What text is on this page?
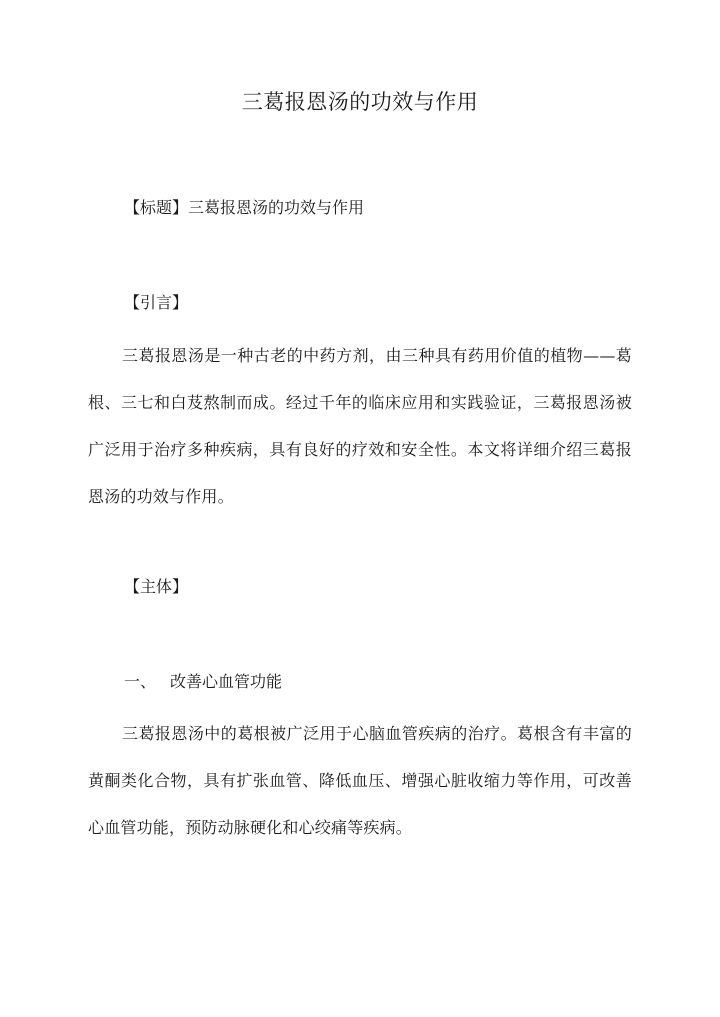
三葛报恩汤的功效与作用
【标题】三葛报恩汤的功效与作用
【引言】

三葛报恩汤是一种古老的中药方剂，由三种具有药用价值的植物——葛根、三七和白芨熬制而成。经过千年的临床应用和实践验证，三葛报恩汤被广泛用于治疗多种疾病，具有良好的疗效和安全性。本文将详细介绍三葛报恩汤的功效与作用。

【主体】
一、 改善心血管功能

三葛报恩汤中的葛根被广泛用于心脑血管疾病的治疗。葛根含有丰富的黄酮类化合物，具有扩张血管、降低血压、增强心脏收缩力等作用，可改善心血管功能，预防动脉硬化和心绞痛等疾病。
